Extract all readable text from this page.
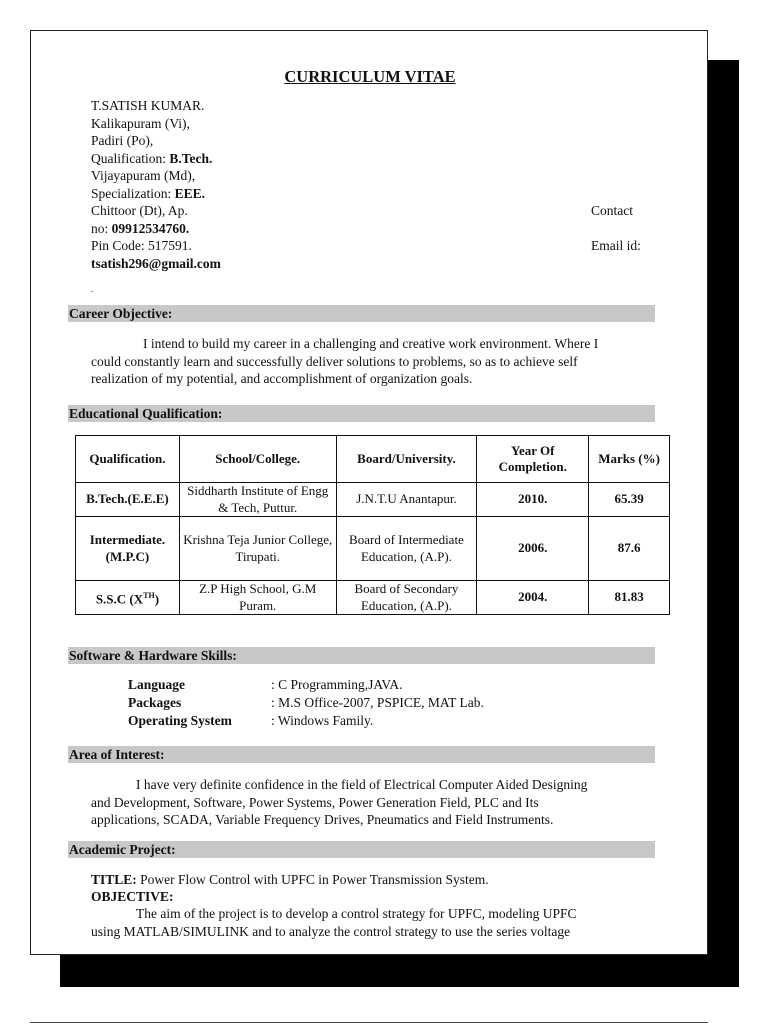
CURRICULUM VITAE
T.SATISH KUMAR.
Kalikapuram (Vi),
Padiri (Po),
Qualification: B.Tech.
Vijayapuram (Md),
Specialization: EEE.
Chittoor (Dt), Ap.	Contact
no: 09912534760.
Pin Code: 517591.	Email id:
tsatish296@gmail.com
.
Career Objective:
I intend to build my career in a challenging and creative work environment. Where I
could constantly learn and successfully deliver solutions to problems, so as to achieve self
realization of my potential, and accomplishment of organization goals.
Educational Qualification:
Qualification.	School/College.	Board/University.	Year Of Completion.	Marks (%)
B.Tech.(E.E.E)	Siddharth Institute of Engg & Tech, Puttur.	J.N.T.U Anantapur.	2010.	65.39
Intermediate. (M.P.C)	Krishna Teja Junior College, Tirupati.	Board of Intermediate Education, (A.P).	2006.	87.6
S.S.C (XTH)	Z.P High School, G.M Puram.	Board of Secondary Education, (A.P).	2004.	81.83
Software & Hardware Skills:
Language	: C Programming,JAVA.
Packages	: M.S Office-2007, PSPICE, MAT Lab.
Operating System	: Windows Family.
Area of Interest:
I have very definite confidence in the field of Electrical Computer Aided Designing
and Development, Software, Power Systems, Power Generation Field, PLC and Its
applications, SCADA, Variable Frequency Drives, Pneumatics and Field Instruments.
Academic Project:
TITLE: Power Flow Control with UPFC in Power Transmission System.
OBJECTIVE:
The aim of the project is to develop a control strategy for UPFC, modeling UPFC
using MATLAB/SIMULINK and to analyze the control strategy to use the series voltage
